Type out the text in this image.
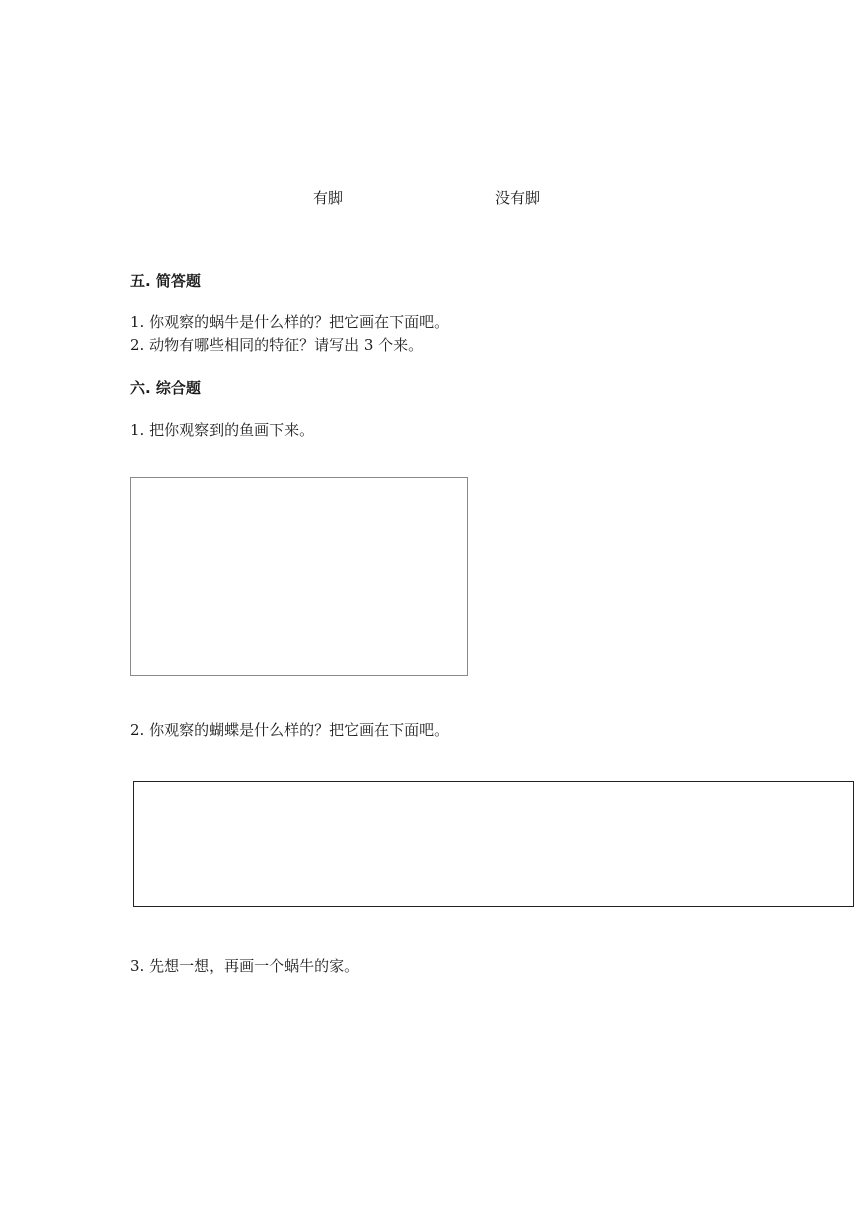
有脚	没有脚
五. 简答题
1. 你观察的蜗牛是什么样的？把它画在下面吧。
2. 动物有哪些相同的特征？请写出 3 个来。
六. 综合题
1. 把你观察到的鱼画下来。
2. 你观察的蝴蝶是什么样的？把它画在下面吧。
3. 先想一想，再画一个蜗牛的家。
